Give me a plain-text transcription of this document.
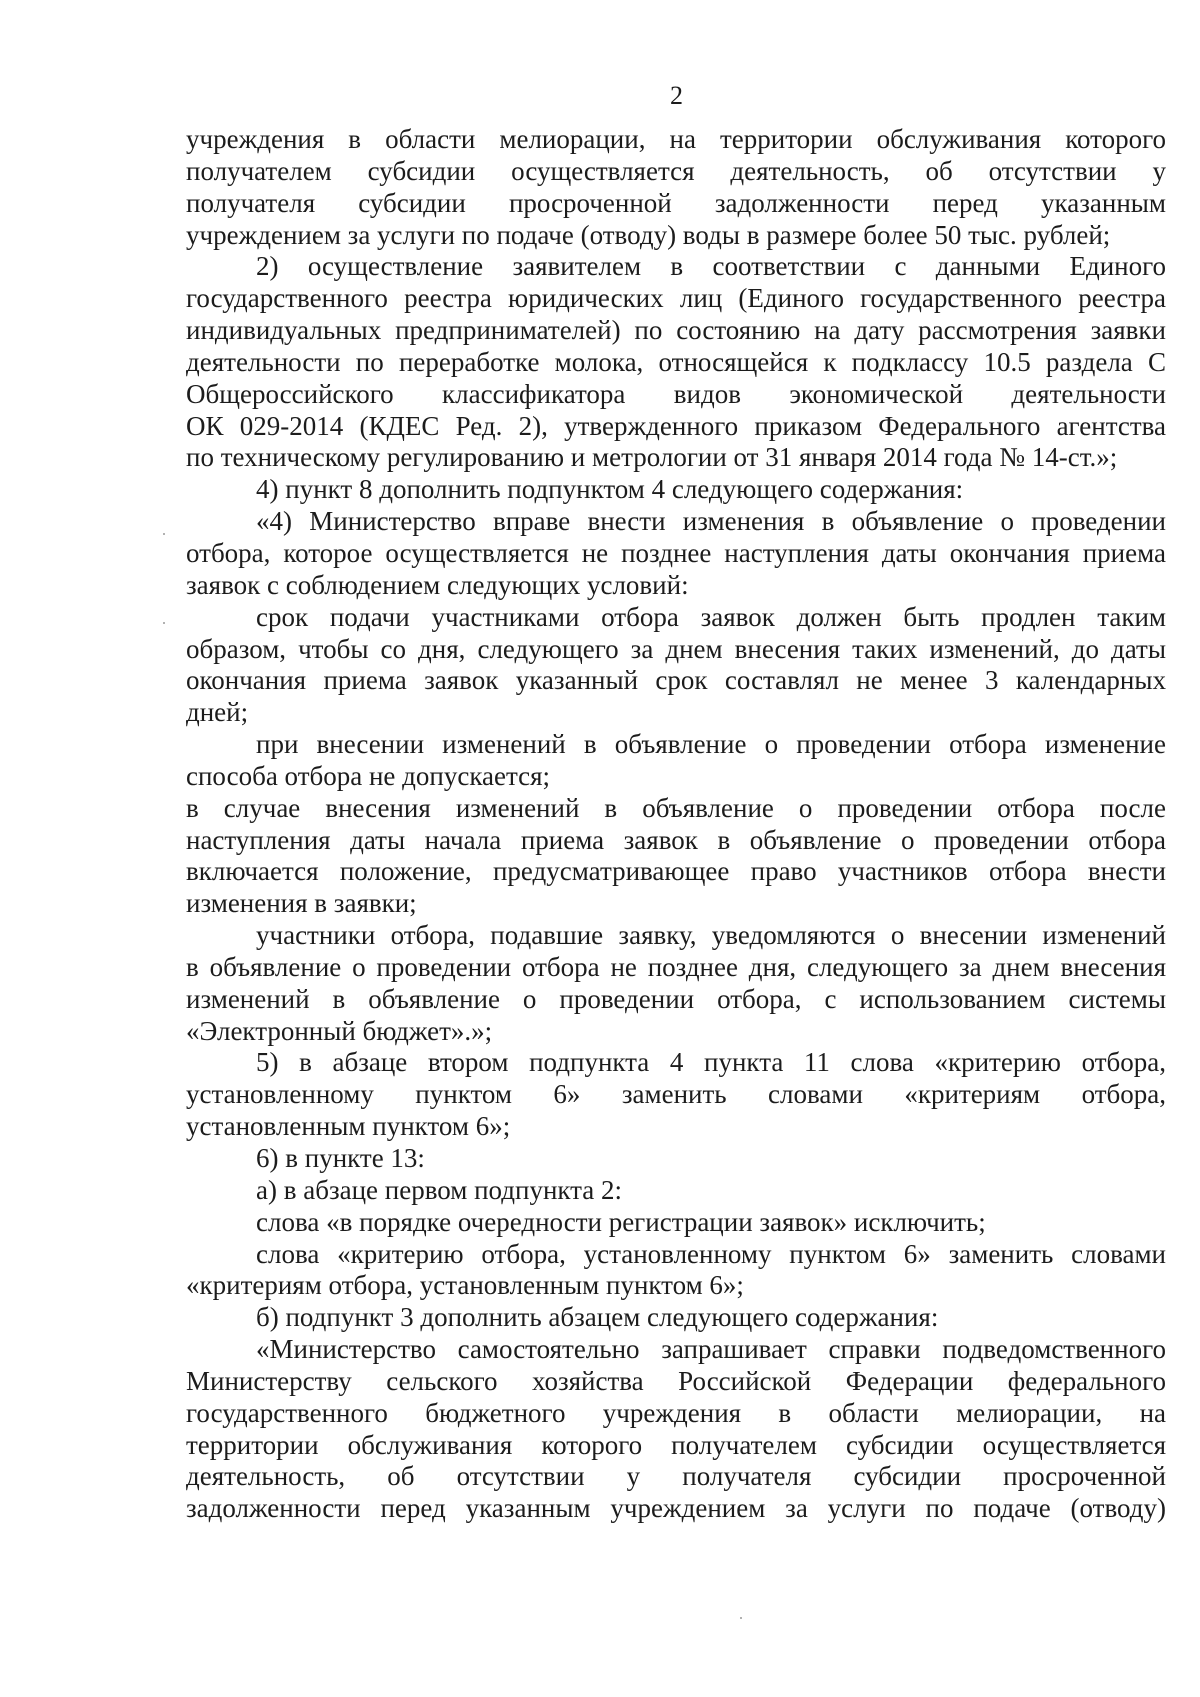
2
учреждения в области мелиорации, на территории обслуживания которого
получателем субсидии осуществляется деятельность, об отсутствии у
получателя субсидии просроченной задолженности перед указанным
учреждением за услуги по подаче (отводу) воды в размере более 50 тыс. рублей;
2) осуществление заявителем в соответствии с данными Единого
государственного реестра юридических лиц (Единого государственного реестра
индивидуальных предпринимателей) по состоянию на дату рассмотрения заявки
деятельности по переработке молока, относящейся к подклассу 10.5 раздела С
Общероссийского классификатора видов экономической деятельности
ОК 029-2014 (КДЕС Ред. 2), утвержденного приказом Федерального агентства
по техническому регулированию и метрологии от 31 января 2014 года № 14-ст.»;
4) пункт 8 дополнить подпунктом 4 следующего содержания:
«4) Министерство вправе внести изменения в объявление о проведении
отбора, которое осуществляется не позднее наступления даты окончания приема
заявок с соблюдением следующих условий:
срок подачи участниками отбора заявок должен быть продлен таким
образом, чтобы со дня, следующего за днем внесения таких изменений, до даты
окончания приема заявок указанный срок составлял не менее 3 календарных
дней;
при внесении изменений в объявление о проведении отбора изменение
способа отбора не допускается;
в случае внесения изменений в объявление о проведении отбора после
наступления даты начала приема заявок в объявление о проведении отбора
включается положение, предусматривающее право участников отбора внести
изменения в заявки;
участники отбора, подавшие заявку, уведомляются о внесении изменений
в объявление о проведении отбора не позднее дня, следующего за днем внесения
изменений в объявление о проведении отбора, с использованием системы
«Электронный бюджет».»;
5) в абзаце втором подпункта 4 пункта 11 слова «критерию отбора,
установленному пунктом 6» заменить словами «критериям отбора,
установленным пунктом 6»;
6) в пункте 13:
а) в абзаце первом подпункта 2:
слова «в порядке очередности регистрации заявок» исключить;
слова «критерию отбора, установленному пунктом 6» заменить словами
«критериям отбора, установленным пунктом 6»;
б) подпункт 3 дополнить абзацем следующего содержания:
«Министерство самостоятельно запрашивает справки подведомственного
Министерству сельского хозяйства Российской Федерации федерального
государственного бюджетного учреждения в области мелиорации, на
территории обслуживания которого получателем субсидии осуществляется
деятельность, об отсутствии у получателя субсидии просроченной
задолженности перед указанным учреждением за услуги по подаче (отводу)
